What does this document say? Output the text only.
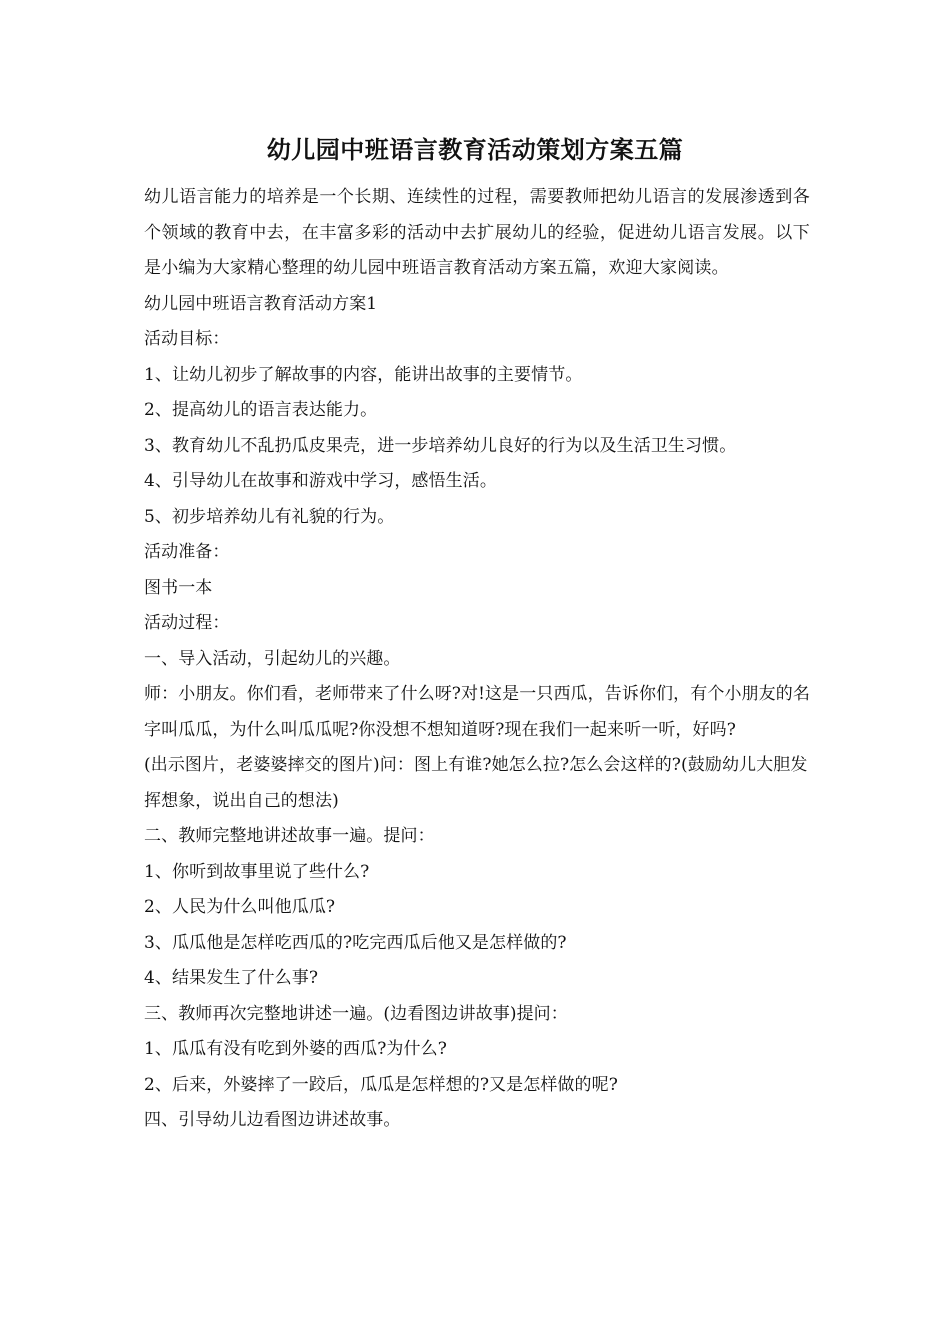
幼儿园中班语言教育活动策划方案五篇

幼儿语言能力的培养是一个长期、连续性的过程，需要教师把幼儿语言的发展渗透到各个领域的教育中去，在丰富多彩的活动中去扩展幼儿的经验，促进幼儿语言发展。以下是小编为大家精心整理的幼儿园中班语言教育活动方案五篇，欢迎大家阅读。

幼儿园中班语言教育活动方案1

活动目标：

1、让幼儿初步了解故事的内容，能讲出故事的主要情节。

2、提高幼儿的语言表达能力。

3、教育幼儿不乱扔瓜皮果壳，进一步培养幼儿良好的行为以及生活卫生习惯。

4、引导幼儿在故事和游戏中学习，感悟生活。

5、初步培养幼儿有礼貌的行为。

活动准备：

图书一本

活动过程：

一、导入活动，引起幼儿的兴趣。

师：小朋友。你们看，老师带来了什么呀?对!这是一只西瓜，告诉你们，有个小朋友的名字叫瓜瓜，为什么叫瓜瓜呢?你没想不想知道呀?现在我们一起来听一听，好吗?

(出示图片，老婆婆摔交的图片)问：图上有谁?她怎么拉?怎么会这样的?(鼓励幼儿大胆发挥想象，说出自己的想法)

二、教师完整地讲述故事一遍。提问：

1、你听到故事里说了些什么?

2、人民为什么叫他瓜瓜?

3、瓜瓜他是怎样吃西瓜的?吃完西瓜后他又是怎样做的?

4、结果发生了什么事?

三、教师再次完整地讲述一遍。(边看图边讲故事)提问：

1、瓜瓜有没有吃到外婆的西瓜?为什么?

2、后来，外婆摔了一跤后，瓜瓜是怎样想的?又是怎样做的呢?

四、引导幼儿边看图边讲述故事。
